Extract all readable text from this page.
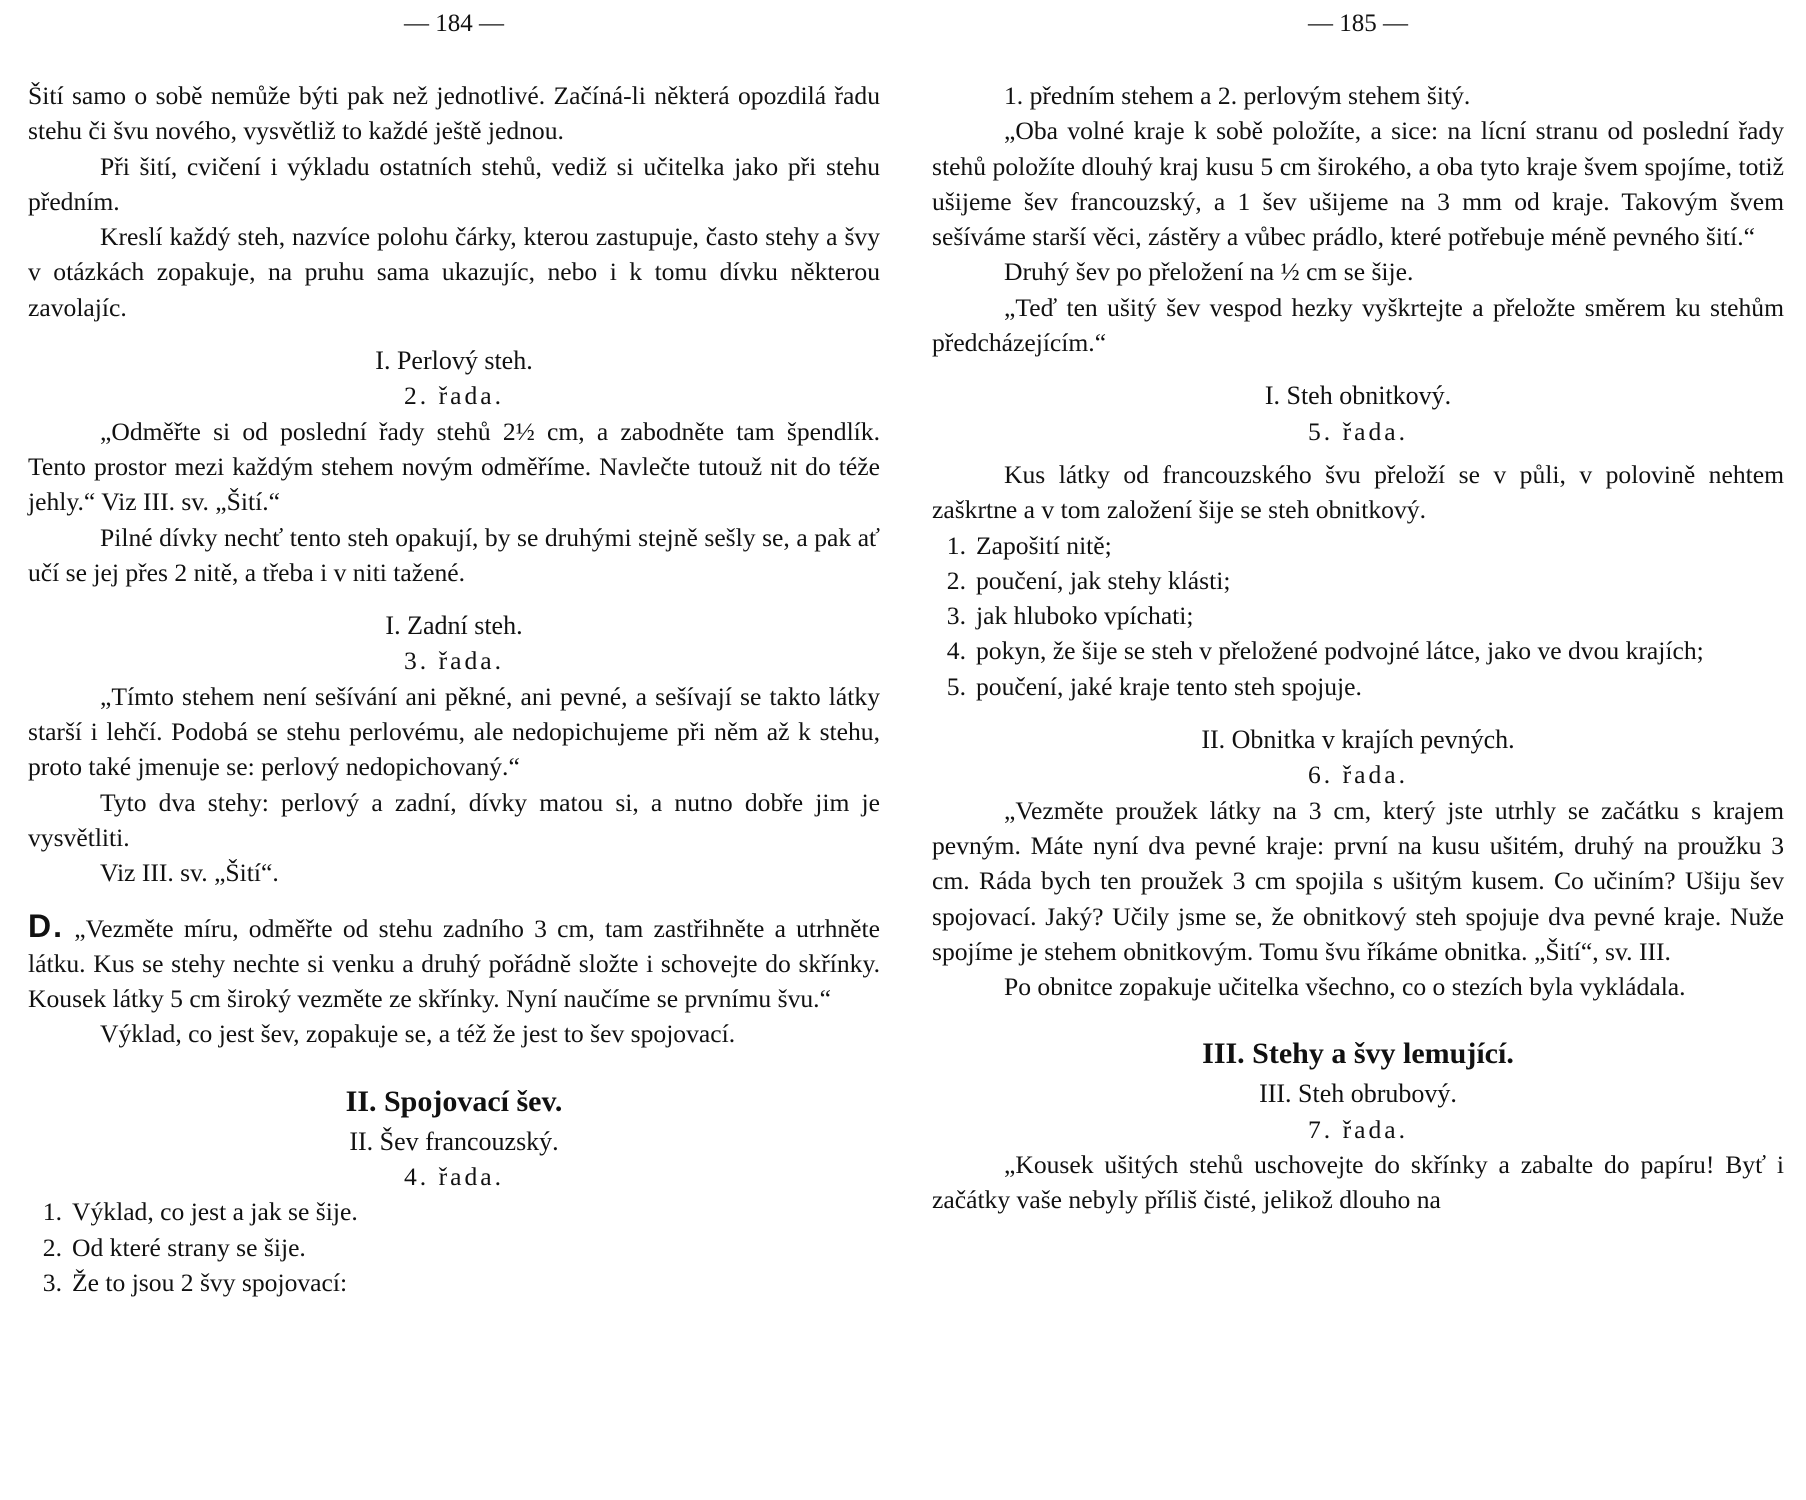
— 184 —

Šití samo o sobě nemůže býti pak než jednotlivé. Začíná-li některá opozdilá řadu stehu či švu nového, vysvětliž to každé ještě jednou.

Při šití, cvičení i výkladu ostatních stehů, vediž si učitelka jako při stehu předním.

Kreslí každý steh, nazvíce polohu čárky, kterou zastupuje, často stehy a švy v otázkách zopakuje, na pruhu sama ukazujíc, nebo i k tomu dívku některou zavolajíc.

I. Perlový steh.

2. řada.

„Odměřte si od poslední řady stehů 2½ cm, a zabodněte tam špendlík. Tento prostor mezi každým stehem novým odměříme. Navlečte tutouž nit do téže jehly.“ Viz III. sv. „Šití.“

Pilné dívky nechť tento steh opakují, by se druhými stejně sešly se, a pak ať učí se jej přes 2 nitě, a třeba i v niti tažené.

I. Zadní steh.

3. řada.

„Tímto stehem není sešívání ani pěkné, ani pevné, a sešívají se takto látky starší i lehčí. Podobá se stehu perlovému, ale nedopichujeme při něm až k stehu, proto také jmenuje se: perlový nedopichovaný.“

Tyto dva stehy: perlový a zadní, dívky matou si, a nutno dobře jim je vysvětliti.

Viz III. sv. „Šití“.

D. „Vezměte míru, odměřte od stehu zadního 3 cm, tam zastřihněte a utrhněte látku. Kus se stehy nechte si venku a druhý pořádně složte i schovejte do skřínky. Kousek látky 5 cm široký vezměte ze skřínky. Nyní naučíme se prvnímu švu.“

Výklad, co jest šev, zopakuje se, a též že jest to šev spojovací.

II. Spojovací šev.

II. Šev francouzský.

4. řada.

1. Výklad, co jest a jak se šije.

2. Od které strany se šije.

3. Že to jsou 2 švy spojovací:

— 185 —

1. předním stehem a 2. perlovým stehem šitý.

„Oba volné kraje k sobě položíte, a sice: na lícní stranu od poslední řady stehů položíte dlouhý kraj kusu 5 cm širokého, a oba tyto kraje švem spojíme, totiž ušijeme šev francouzský, a 1 šev ušijeme na 3 mm od kraje. Takovým švem sešíváme starší věci, zástěry a vůbec prádlo, které potřebuje méně pevného šití.“

Druhý šev po přeložení na ½ cm se šije.

„Teď ten ušitý šev vespod hezky vyškrtejte a přeložte směrem ku stehům předcházejícím.“

I. Steh obnitkový.

5. řada.

Kus látky od francouzského švu přeloží se v půli, v polovině nehtem zaškrtne a v tom založení šije se steh obnitkový.

1. Zapošití nitě;

2. poučení, jak stehy klásti;

3. jak hluboko vpíchati;

4. pokyn, že šije se steh v přeložené podvojné látce, jako ve dvou krajích;

5. poučení, jaké kraje tento steh spojuje.

II. Obnitka v krajích pevných.

6. řada.

„Vezměte proužek látky na 3 cm, který jste utrhly se začátku s krajem pevným. Máte nyní dva pevné kraje: první na kusu ušitém, druhý na proužku 3 cm. Ráda bych ten proužek 3 cm spojila s ušitým kusem. Co učiním? Ušiju šev spojovací. Jaký? Učily jsme se, že obnitkový steh spojuje dva pevné kraje. Nuže spojíme je stehem obnitkovým. Tomu švu říkáme obnitka. „Šití“, sv. III.

Po obnitce zopakuje učitelka všechno, co o stezích byla vykládala.

III. Stehy a švy lemující.

III. Steh obrubový.

7. řada.

„Kousek ušitých stehů uschovejte do skřínky a zabalte do papíru! Byť i začátky vaše nebyly příliš čisté, jelikož dlouho na
